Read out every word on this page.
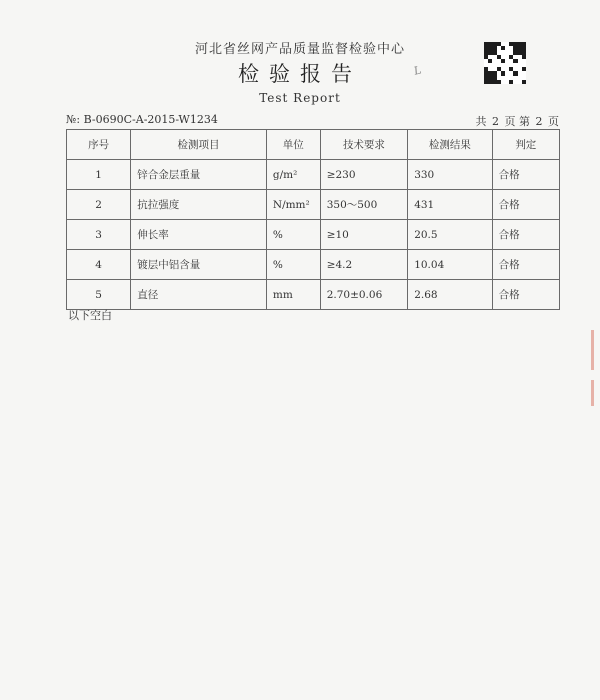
河北省丝网产品质量监督检验中心
检验报告	L
Test Report
№: B-0690C-A-2015-W1234	共 2 页 第 2 页
序号	检测项目	单位	技术要求	检测结果	判定
1	锌合金层重量	g/m²	≥230	330	合格
2	抗拉强度	N/mm²	350～500	431	合格
3	伸长率	%	≥10	20.5	合格
4	镀层中铝含量	%	≥4.2	10.04	合格
5	直径	mm	2.70±0.06	2.68	合格
以下空白
